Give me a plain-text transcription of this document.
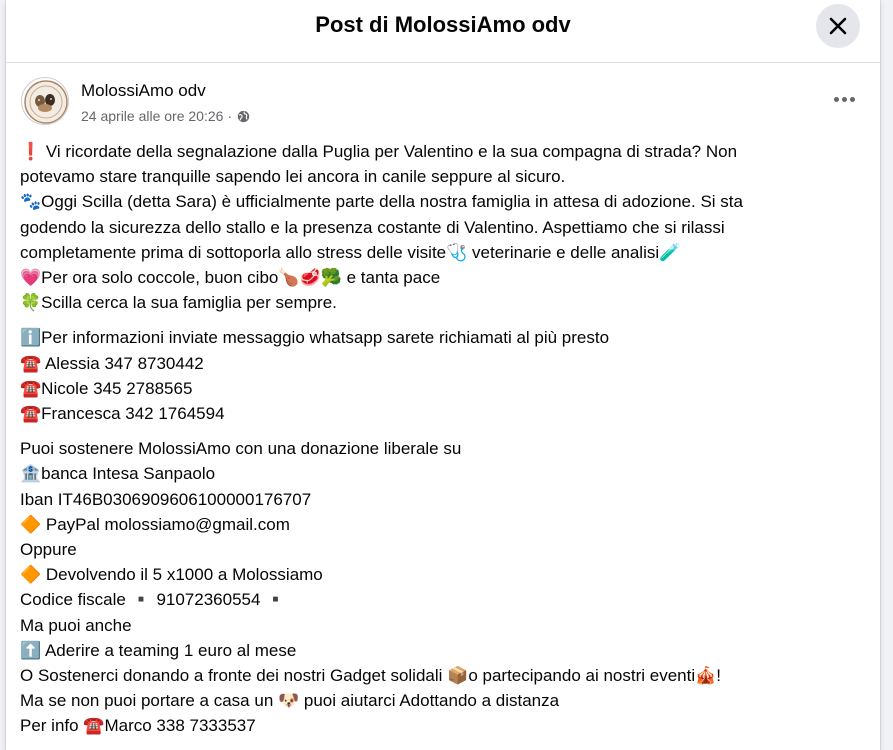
Post di MolossiAmo odv
MolossiAmo odv
24 aprile alle ore 20:26 ·
❗ Vi ricordate della segnalazione dalla Puglia per Valentino e la sua compagna di strada? Non
potevamo stare tranquille sapendo lei ancora in canile seppure al sicuro.
🐾Oggi Scilla (detta Sara) è ufficialmente parte della nostra famiglia in attesa di adozione. Si sta
godendo la sicurezza dello stallo e la presenza costante di Valentino. Aspettiamo che si rilassi
completamente prima di sottoporla allo stress delle visite🩺 veterinarie e delle analisi🧪
💗Per ora solo coccole, buon cibo🍗🥩🥦 e tanta pace
🍀Scilla cerca la sua famiglia per sempre.
ℹ️Per informazioni inviate messaggio whatsapp sarete richiamati al più presto
☎️ Alessia 347 8730442
☎️Nicole 345 2788565
☎️Francesca 342 1764594
Puoi sostenere MolossiAmo con una donazione liberale su
🏦banca Intesa Sanpaolo
Iban IT46B0306909606100000176707
🔶 PayPal molossiamo@gmail.com
Oppure
🔶 Devolvendo il 5 x1000 a Molossiamo
Codice fiscale ▪️ 91072360554 ▪️
Ma puoi anche
⬆️ Aderire a teaming 1 euro al mese
O Sostenerci donando a fronte dei nostri Gadget solidali 📦o partecipando ai nostri eventi🎪!
Ma se non puoi portare a casa un 🐶 puoi aiutarci Adottando a distanza
Per info ☎️Marco 338 7333537
